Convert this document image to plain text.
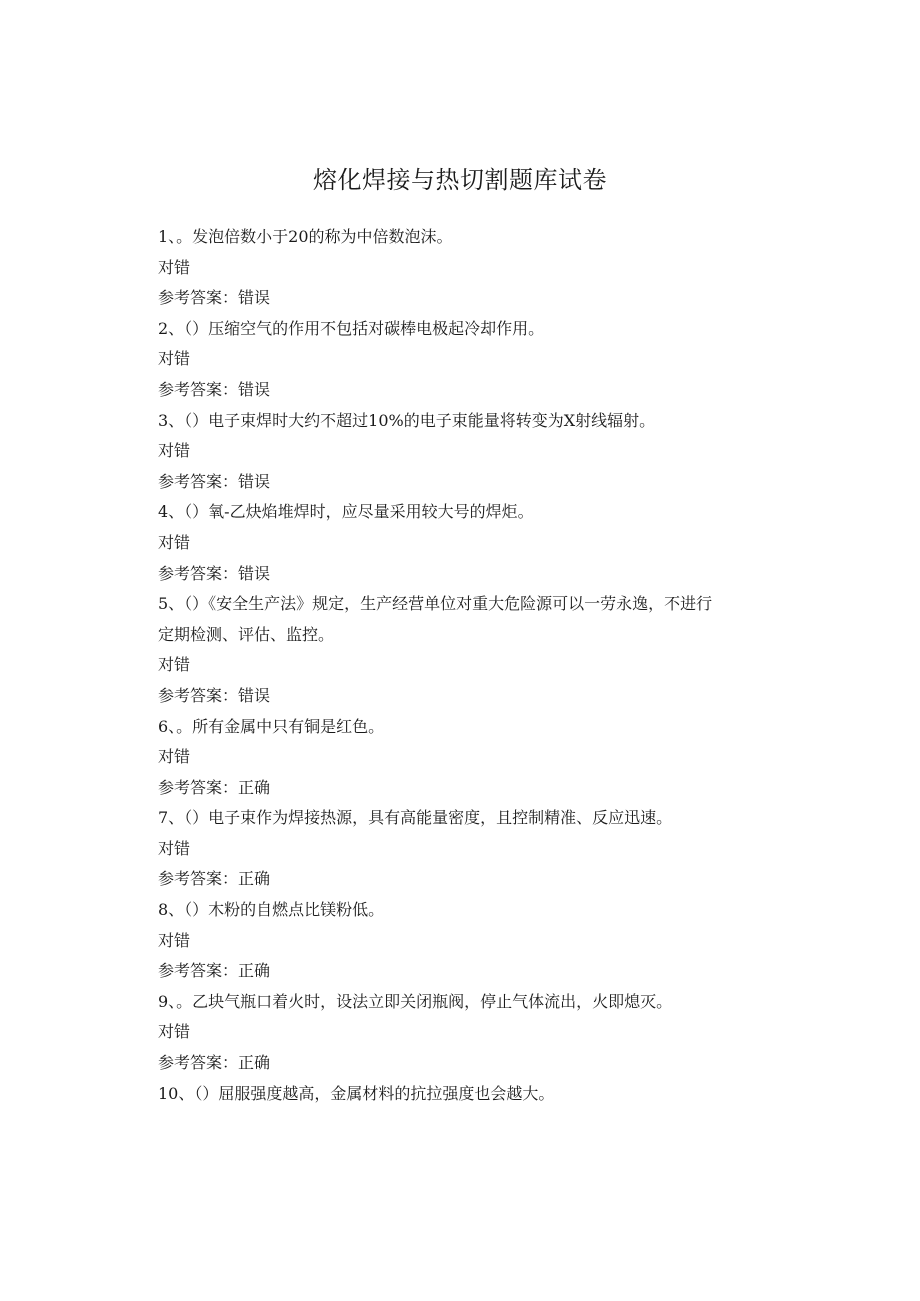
熔化焊接与热切割题库试卷
1、。发泡倍数小于20的称为中倍数泡沫。
对错
参考答案：错误
2、（）压缩空气的作用不包括对碳棒电极起冷却作用。
对错
参考答案：错误
3、（）电子束焊时大约不超过10%的电子束能量将转变为X射线辐射。
对错
参考答案：错误
4、（）氧-乙炔焰堆焊时，应尽量采用较大号的焊炬。
对错
参考答案：错误
5、（）《安全生产法》规定，生产经营单位对重大危险源可以一劳永逸，不进行
定期检测、评估、监控。
对错
参考答案：错误
6、。所有金属中只有铜是红色。
对错
参考答案：正确
7、（）电子束作为焊接热源，具有高能量密度，且控制精准、反应迅速。
对错
参考答案：正确
8、（）木粉的自燃点比镁粉低。
对错
参考答案：正确
9、。乙块气瓶口着火时，设法立即关闭瓶阀，停止气体流出，火即熄灭。
对错
参考答案：正确
10、（）屈服强度越高，金属材料的抗拉强度也会越大。
